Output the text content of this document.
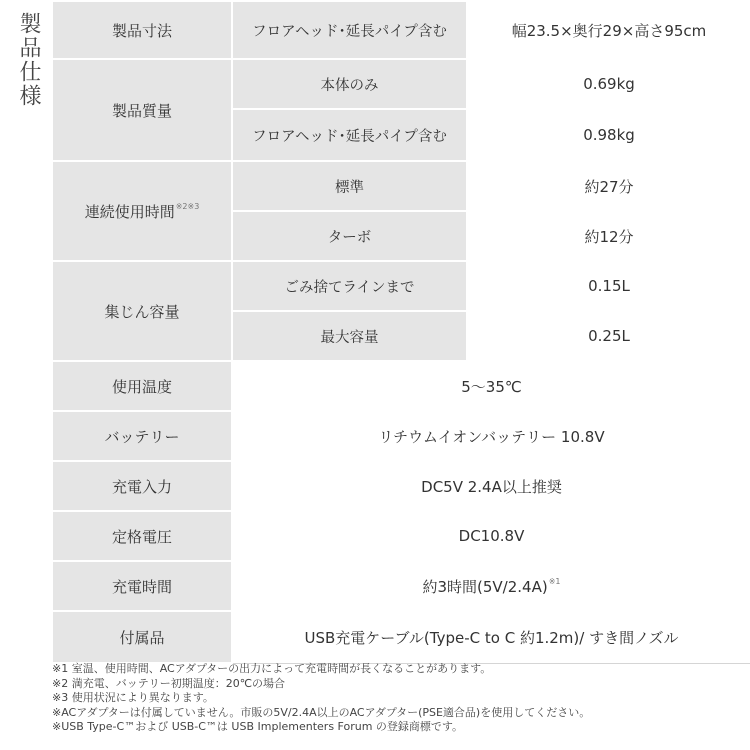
製品仕様	製品寸法	フロアヘッド･延長パイプ含む	幅23.5×奥行29×高さ95cm
製品質量	本体のみ	0.69kg
	フロアヘッド･延長パイプ含む	0.98kg
連続使用時間$^{※2※3}$	標準	約27分
	ターボ	約12分
集じん容量	ごみ捨てラインまで	0.15L
	最大容量	0.25L
使用温度	5～35℃	
バッテリー	リチウムイオンバッテリー 10.8V	
充電入力	DC5V 2.4A以上推奨	
定格電圧	DC10.8V	
充電時間	約3時間(5V/2.4A)$^{※1}$
付属品	USB充電ケーブル(Type-C to C 約1.2m)/ すき間ノズル	
※1 室温、使用時間、ACアダプターの出力によって充電時間が長くなることがあります。
※2 満充電、バッテリー初期温度：20℃の場合
※3 使用状況により異なります。
※ACアダプターは付属していません。市販の5V/2.4A以上のACアダプター(PSE適合品)を使用してください。
※USB Type-C™および USB-C™は USB Implementers Forum の登録商標です。
